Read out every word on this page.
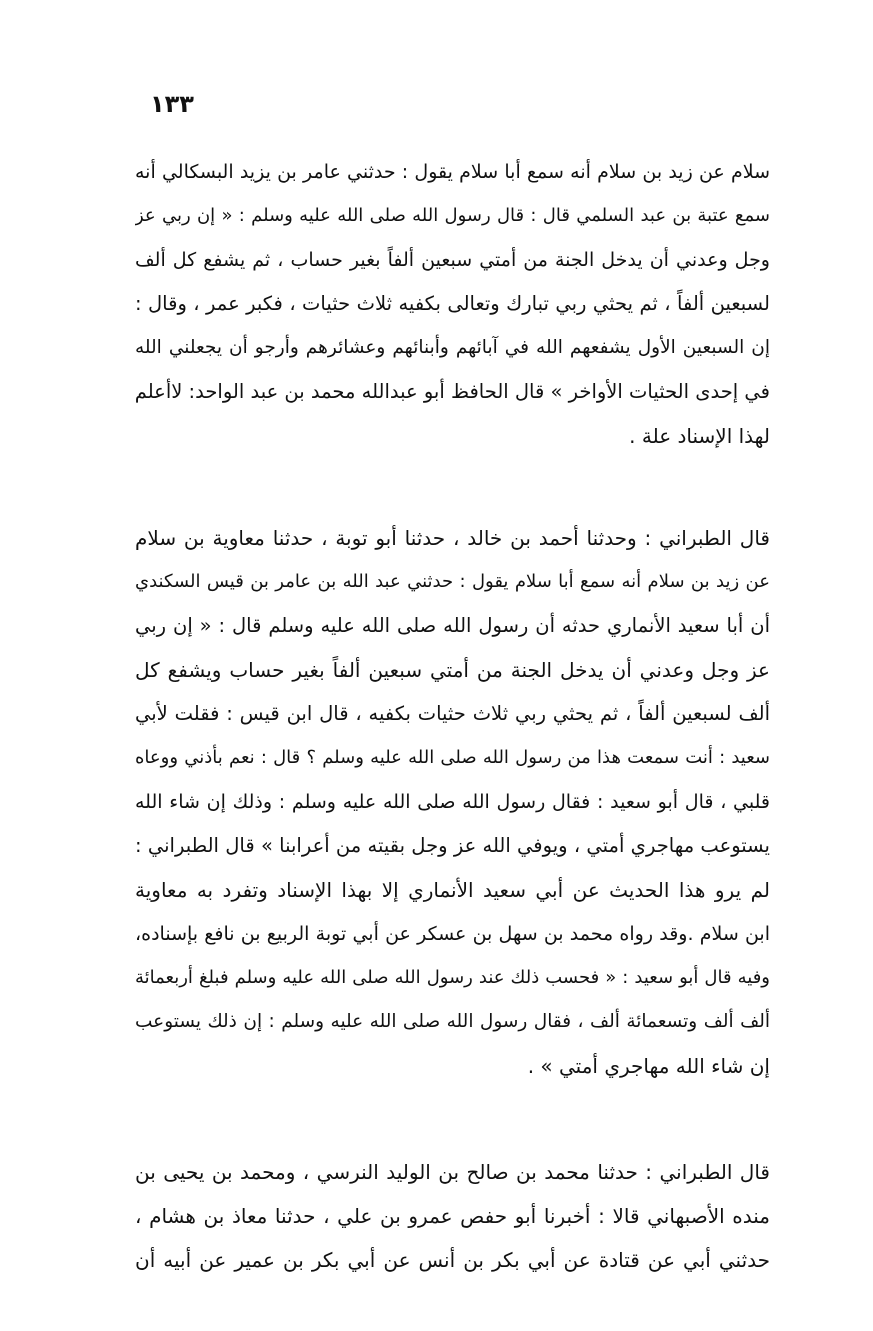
١٣٣
سلام عن زيد بن سلام أنه سمع أبا سلام يقول : حدثني عامر بن يزيد البسكالي أنه
سمع عتبة بن عبد السلمي قال : قال رسول الله صلى الله عليه وسلم : « إن ربي عز
وجل وعدني أن يدخل الجنة من أمتي سبعين ألفاً بغير حساب ، ثم يشفع كل ألف
لسبعين ألفاً ، ثم يحثي ربي تبارك وتعالى بكفيه ثلاث حثيات ، فكبر عمر ، وقال :
إن السبعين الأول يشفعهم الله في آبائهم وأبنائهم وعشائرهم وأرجو أن يجعلني الله
في إحدى الحثيات الأواخر » قال الحافظ أبو عبدالله محمد بن عبد الواحد: لاأعلم
لهذا الإسناد علة .
قال الطبراني : وحدثنا أحمد بن خالد ، حدثنا أبو توبة ، حدثنا معاوية بن سلام
عن زيد بن سلام أنه سمع أبا سلام يقول : حدثني عبد الله بن عامر بن قيس السكندي
أن أبا سعيد الأنماري حدثه أن رسول الله صلى الله عليه وسلم قال : « إن ربي
عز وجل وعدني أن يدخل الجنة من أمتي سبعين ألفاً بغير حساب ويشفع كل
ألف لسبعين ألفاً ، ثم يحثي ربي ثلاث حثيات بكفيه ، قال ابن قيس : فقلت لأبي
سعيد : أنت سمعت هذا من رسول الله صلى الله عليه وسلم ؟ قال : نعم بأذني ووعاه
قلبي ، قال أبو سعيد : فقال رسول الله صلى الله عليه وسلم : وذلك إن شاء الله
يستوعب مهاجري أمتي ، ويوفي الله عز وجل بقيته من أعرابنا » قال الطبراني :
لم يرو هذا الحديث عن أبي سعيد الأنماري إلا بهذا الإسناد وتفرد به معاوية
ابن سلام .وقد رواه محمد بن سهل بن عسكر عن أبي توبة الربيع بن نافع بإسناده،
وفيه قال أبو سعيد : « فحسب ذلك عند رسول الله صلى الله عليه وسلم فبلغ أربعمائة
ألف ألف وتسعمائة ألف ، فقال رسول الله صلى الله عليه وسلم : إن ذلك يستوعب
إن شاء الله مهاجري أمتي » .
قال الطبراني : حدثنا محمد بن صالح بن الوليد النرسي ، ومحمد بن يحيى بن
منده الأصبهاني قالا : أخبرنا أبو حفص عمرو بن علي ، حدثنا معاذ بن هشام ،
حدثني أبي عن قتادة عن أبي بكر بن أنس عن أبي بكر بن عمير عن أبيه أن
